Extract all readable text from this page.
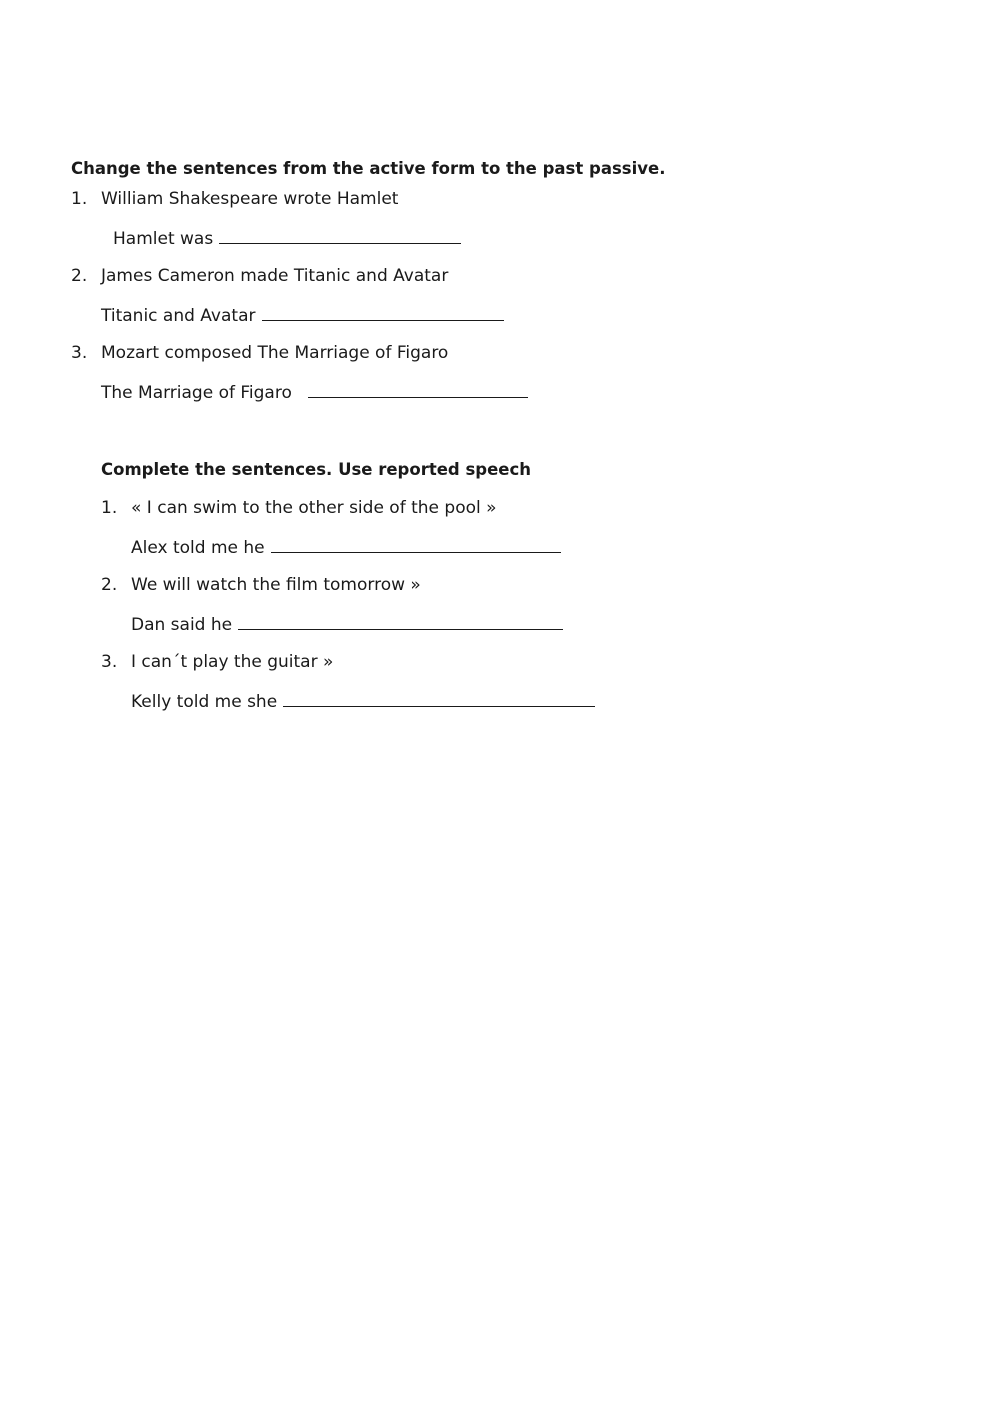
Change the sentences from the active form to the past passive.
1. William Shakespeare wrote Hamlet
Hamlet was
2. James Cameron made Titanic and Avatar
Titanic and Avatar
3. Mozart composed The Marriage of Figaro
The Marriage of Figaro
Complete the sentences. Use reported speech
1. « I can swim to the other side of the pool »
Alex told me he
2. We will watch the film tomorrow »
Dan said he
3. I can´t play the guitar »
Kelly told me she
